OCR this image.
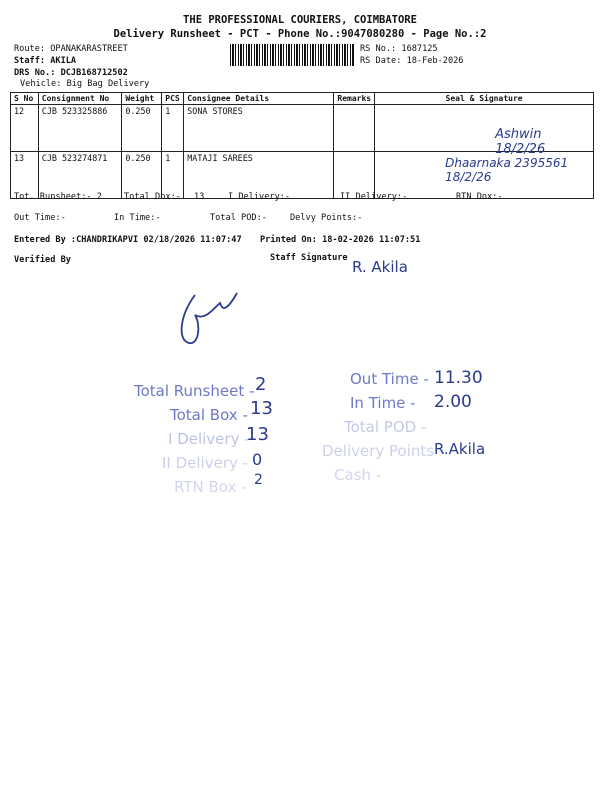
THE PROFESSIONAL COURIERS, COIMBATORE
Delivery Runsheet - PCT - Phone No.:9047080280 - Page No.:2
Route: OPANAKARASTREET
Staff: AKILA
DRS No.: DCJB168712502
Vehicle: Big Bag Delivery
RS No.: 1687125
RS Date: 18-Feb-2026
S No	Consignment No	Weight	PCS	Consignee Details	Remarks	Seal & Signature
12	CJB 523325886	0.250	1	SONA STORES		Ashwin 18/2/26

13	CJB 523274871	0.250	1	MATAJI SAREES		Dhaarnaka 2395561 18/2/26
Tot. Runsheet:- 2	Total Dox:- 13	I Delivery:-	II Delivery:-	RTN Dox:-
Out Time:-	In Time:-	Total POD:-	Delvy Points:-
Entered By :CHANDRIKAPVI 02/18/2026 11:07:47 Printed On: 18-02-2026 11:07:51
Verified By	Staff Signature R. Akila
Total Runsheet - 2
Total Box - 13
I Delivery -
13
II Delivery - 0
RTN Box - 2
Out Time - 11.30
In Time - 2.00
Total POD -
Delivery Points -
R.Akila
Cash -
